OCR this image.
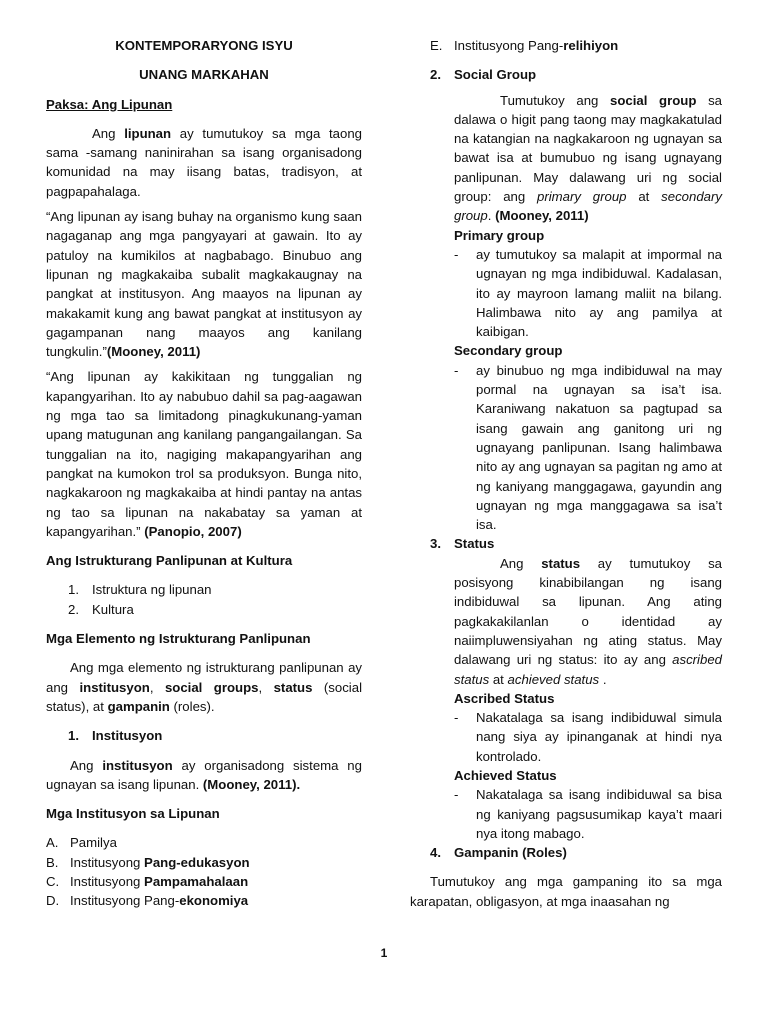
KONTEMPORARYONG ISYU

UNANG MARKAHAN

Paksa: Ang Lipunan

Ang lipunan ay tumutukoy sa mga taong sama -samang naninirahan sa isang organisadong komunidad na may iisang batas, tradisyon, at pagpapahalaga.

“Ang lipunan ay isang buhay na organismo kung saan nagaganap ang mga pangyayari at gawain. Ito ay patuloy na kumikilos at nagbabago. Binubuo ang lipunan ng magkakaiba subalit magkakaugnay na pangkat at institusyon. Ang maayos na lipunan ay makakamit kung ang bawat pangkat at institusyon ay gagampanan nang maayos ang kanilang tungkulin.”(Mooney, 2011)

“Ang lipunan ay kakikitaan ng tunggalian ng kapangyarihan. Ito ay nabubuo dahil sa pag-aagawan ng mga tao sa limitadong pinagkukunang-yaman upang matugunan ang kanilang pangangailangan. Sa tunggalian na ito, nagiging makapangyarihan ang pangkat na kumokon trol sa produksyon. Bunga nito, nagkakaroon ng magkakaiba at hindi pantay na antas ng tao sa lipunan na nakabatay sa yaman at kapangyarihan.” (Panopio, 2007)

Ang Istrukturang Panlipunan at Kultura

1. Istruktura ng lipunan
2. Kultura

Mga Elemento ng Istrukturang Panlipunan

Ang mga elemento ng istrukturang panlipunan ay ang institusyon, social groups, status (social status), at gampanin (roles).

1. Institusyon

Ang institusyon ay organisadong sistema ng ugnayan sa isang lipunan. (Mooney, 2011).

Mga Institusyon sa Lipunan

A. Pamilya
B. Institusyong Pang-edukasyon
C. Institusyong Pampamahalaan
D. Institusyong Pang-ekonomiya
E. Institusyong Pang-relihiyon
2. Social Group

Tumutukoy ang social group sa dalawa o higit pang taong may magkakatulad na katangian na nagkakaroon ng ugnayan sa bawat isa at bumubuo ng isang ugnayang panlipunan. May dalawang uri ng social group: ang primary group at secondary group. (Mooney, 2011)

Primary group

-	ay tumutukoy sa malapit at impormal na ugnayan ng mga indibiduwal. Kadalasan, ito ay mayroon lamang maliit na bilang. Halimbawa nito ay ang pamilya at kaibigan.

Secondary group

-	ay binubuo ng mga indibiduwal na may pormal na ugnayan sa isa’t isa. Karaniwang nakatuon sa pagtupad sa isang gawain ang ganitong uri ng ugnayang panlipunan. Isang halimbawa nito ay ang ugnayan sa pagitan ng amo at ng kaniyang manggagawa, gayundin ang ugnayan ng mga manggagawa sa isa’t isa.
3. Status

Ang status ay tumutukoy sa posisyong kinabibilangan ng isang indibiduwal sa lipunan. Ang ating pagkakakilanlan o identidad ay naiimpluwensiyahan ng ating status. May dalawang uri ng status: ito ay ang ascribed status at achieved status .

Ascribed Status

-	Nakatalaga sa isang indibiduwal simula nang siya ay ipinanganak at hindi nya kontrolado.

Achieved Status

-	Nakatalaga sa isang indibiduwal sa bisa ng kaniyang pagsusumikap kaya’t maari nya itong mabago.
4. Gampanin (Roles)

Tumutukoy ang mga gampaning ito sa mga karapatan, obligasyon, at mga inaasahan ng

1
